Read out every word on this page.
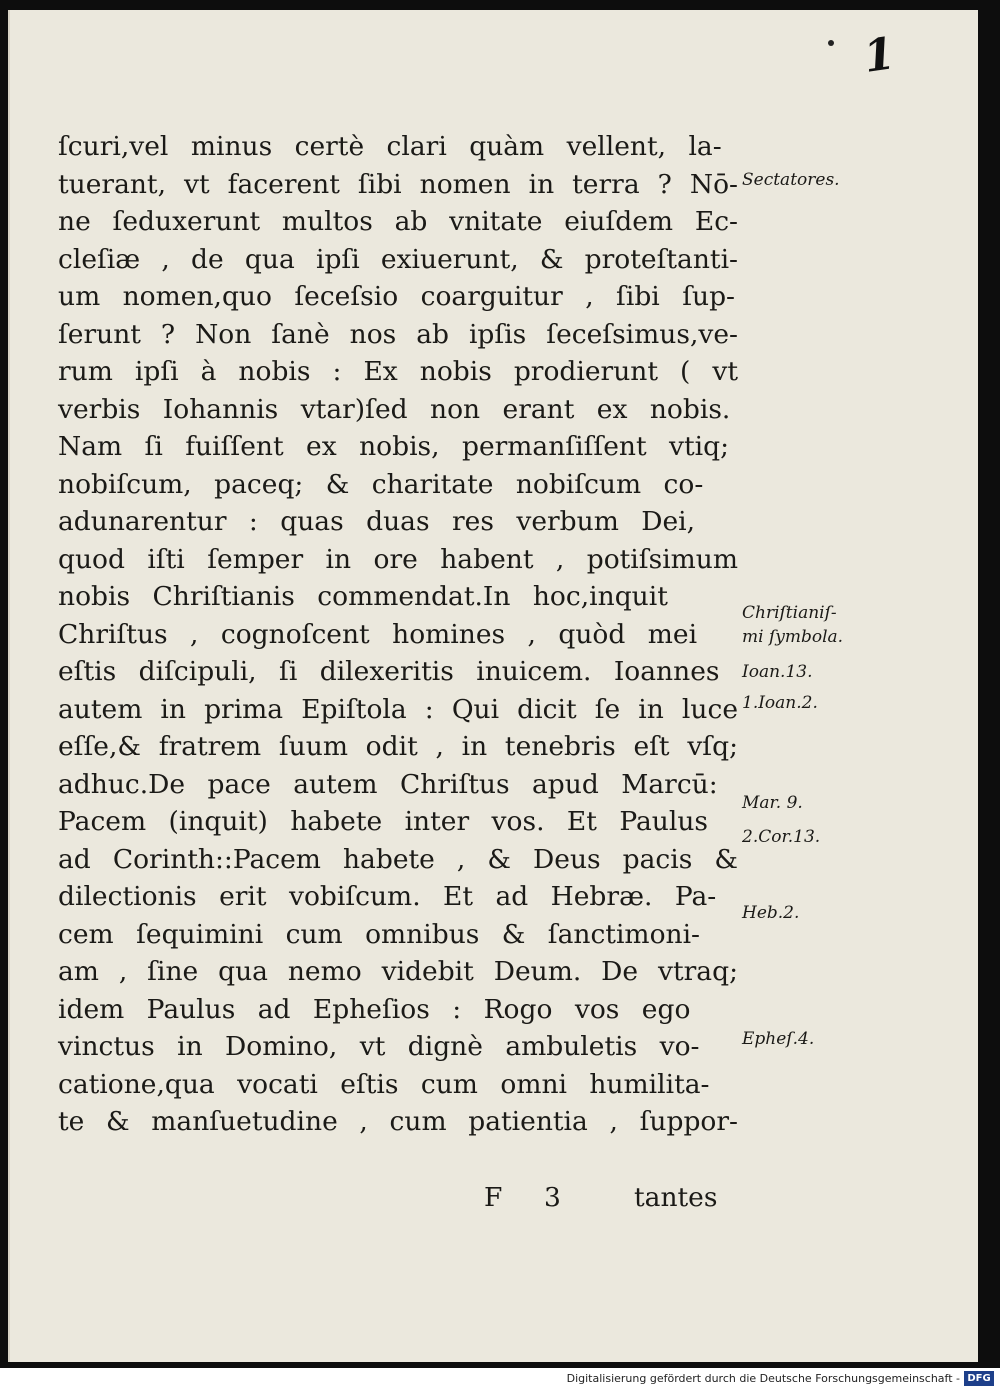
1
ſcuri,vel minus certè clari quàm vellent, la-
tuerant, vt facerent ſibi nomen in terra ? Nō-
ne ſeduxerunt multos ab vnitate eiuſdem Ec-
cleſiæ , de qua ipſi exiuerunt, & proteſtanti-
um nomen,quo ſeceſsio coarguitur , ſibi ſup-
ſerunt ? Non ſanè nos ab ipſis ſeceſsimus,ve-
rum ipſi à nobis : Ex nobis prodierunt ( vt
verbis Iohannis vtar)ſed non erant ex nobis.
Nam ſi fuiſſent ex nobis, permanſiſſent vtiq;
nobiſcum, paceq; & charitate nobiſcum co-
adunarentur : quas duas res verbum Dei,
quod iſti ſemper in ore habent , potiſsimum
nobis Chriſtianis commendat.In hoc,inquit
Chriſtus , cognoſcent homines , quòd mei
eſtis diſcipuli, ſi dilexeritis inuicem. Ioannes
autem in prima Epiſtola : Qui dicit ſe in luce
eſſe,& fratrem ſuum odit , in tenebris eſt vſq;
adhuc.De pace autem Chriſtus apud Marcū:
Pacem (inquit) habete inter vos. Et Paulus
ad Corinth::Pacem habete , & Deus pacis &
dilectionis erit vobiſcum. Et ad Hebræ. Pa-
cem ſequimini cum omnibus & ſanctimoni-
am , ſine qua nemo videbit Deum. De vtraq;
idem Paulus ad Epheſios : Rogo vos ego
vinctus in Domino, vt dignè ambuletis vo-
catione,qua vocati eſtis cum omni humilita-
te & manſuetudine , cum patientia , ſuppor-
Sectatores.
Chriſtianiſ-
mi ſymbola.
Ioan.13.
1.Ioan.2.
Mar. 9.
2.Cor.13.
Heb.2.
Epheſ.4.
F 3	tantes
Digitalisierung gefördert durch die Deutsche Forschungsgemeinschaft - DFG
